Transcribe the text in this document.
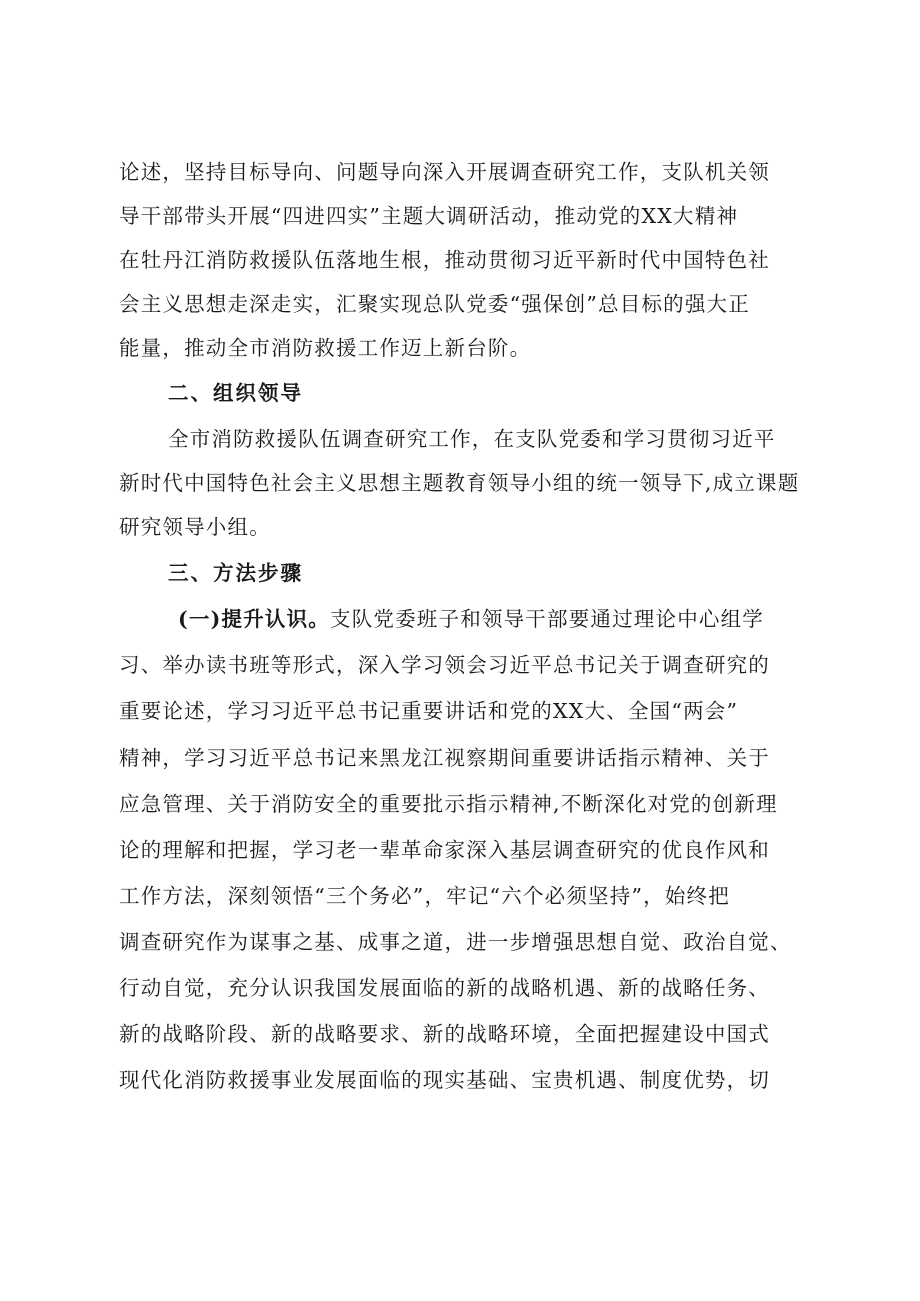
论述，坚持目标导向、问题导向深入开展调查研究工作，支队机关领
导干部带头开展“四进四实”主题大调研活动，推动党的XX大精神
在牡丹江消防救援队伍落地生根，推动贯彻习近平新时代中国特色社
会主义思想走深走实，汇聚实现总队党委“强保创”总目标的强大正
能量，推动全市消防救援工作迈上新台阶。
二、组织领导
全市消防救援队伍调查研究工作，在支队党委和学习贯彻习近平
新时代中国特色社会主义思想主题教育领导小组的统一领导下,成立课题
研究领导小组。
三、方法步骤
(一)提升认识。支队党委班子和领导干部要通过理论中心组学
习、举办读书班等形式，深入学习领会习近平总书记关于调查研究的
重要论述，学习习近平总书记重要讲话和党的XX大、全国“两会”
精神，学习习近平总书记来黑龙江视察期间重要讲话指示精神、关于
应急管理、关于消防安全的重要批示指示精神,不断深化对党的创新理
论的理解和把握，学习老一辈革命家深入基层调查研究的优良作风和
工作方法，深刻领悟“三个务必”，牢记“六个必须坚持”，始终把
调查研究作为谋事之基、成事之道，进一步增强思想自觉、政治自觉、
行动自觉，充分认识我国发展面临的新的战略机遇、新的战略任务、
新的战略阶段、新的战略要求、新的战略环境，全面把握建设中国式
现代化消防救援事业发展面临的现实基础、宝贵机遇、制度优势，切
